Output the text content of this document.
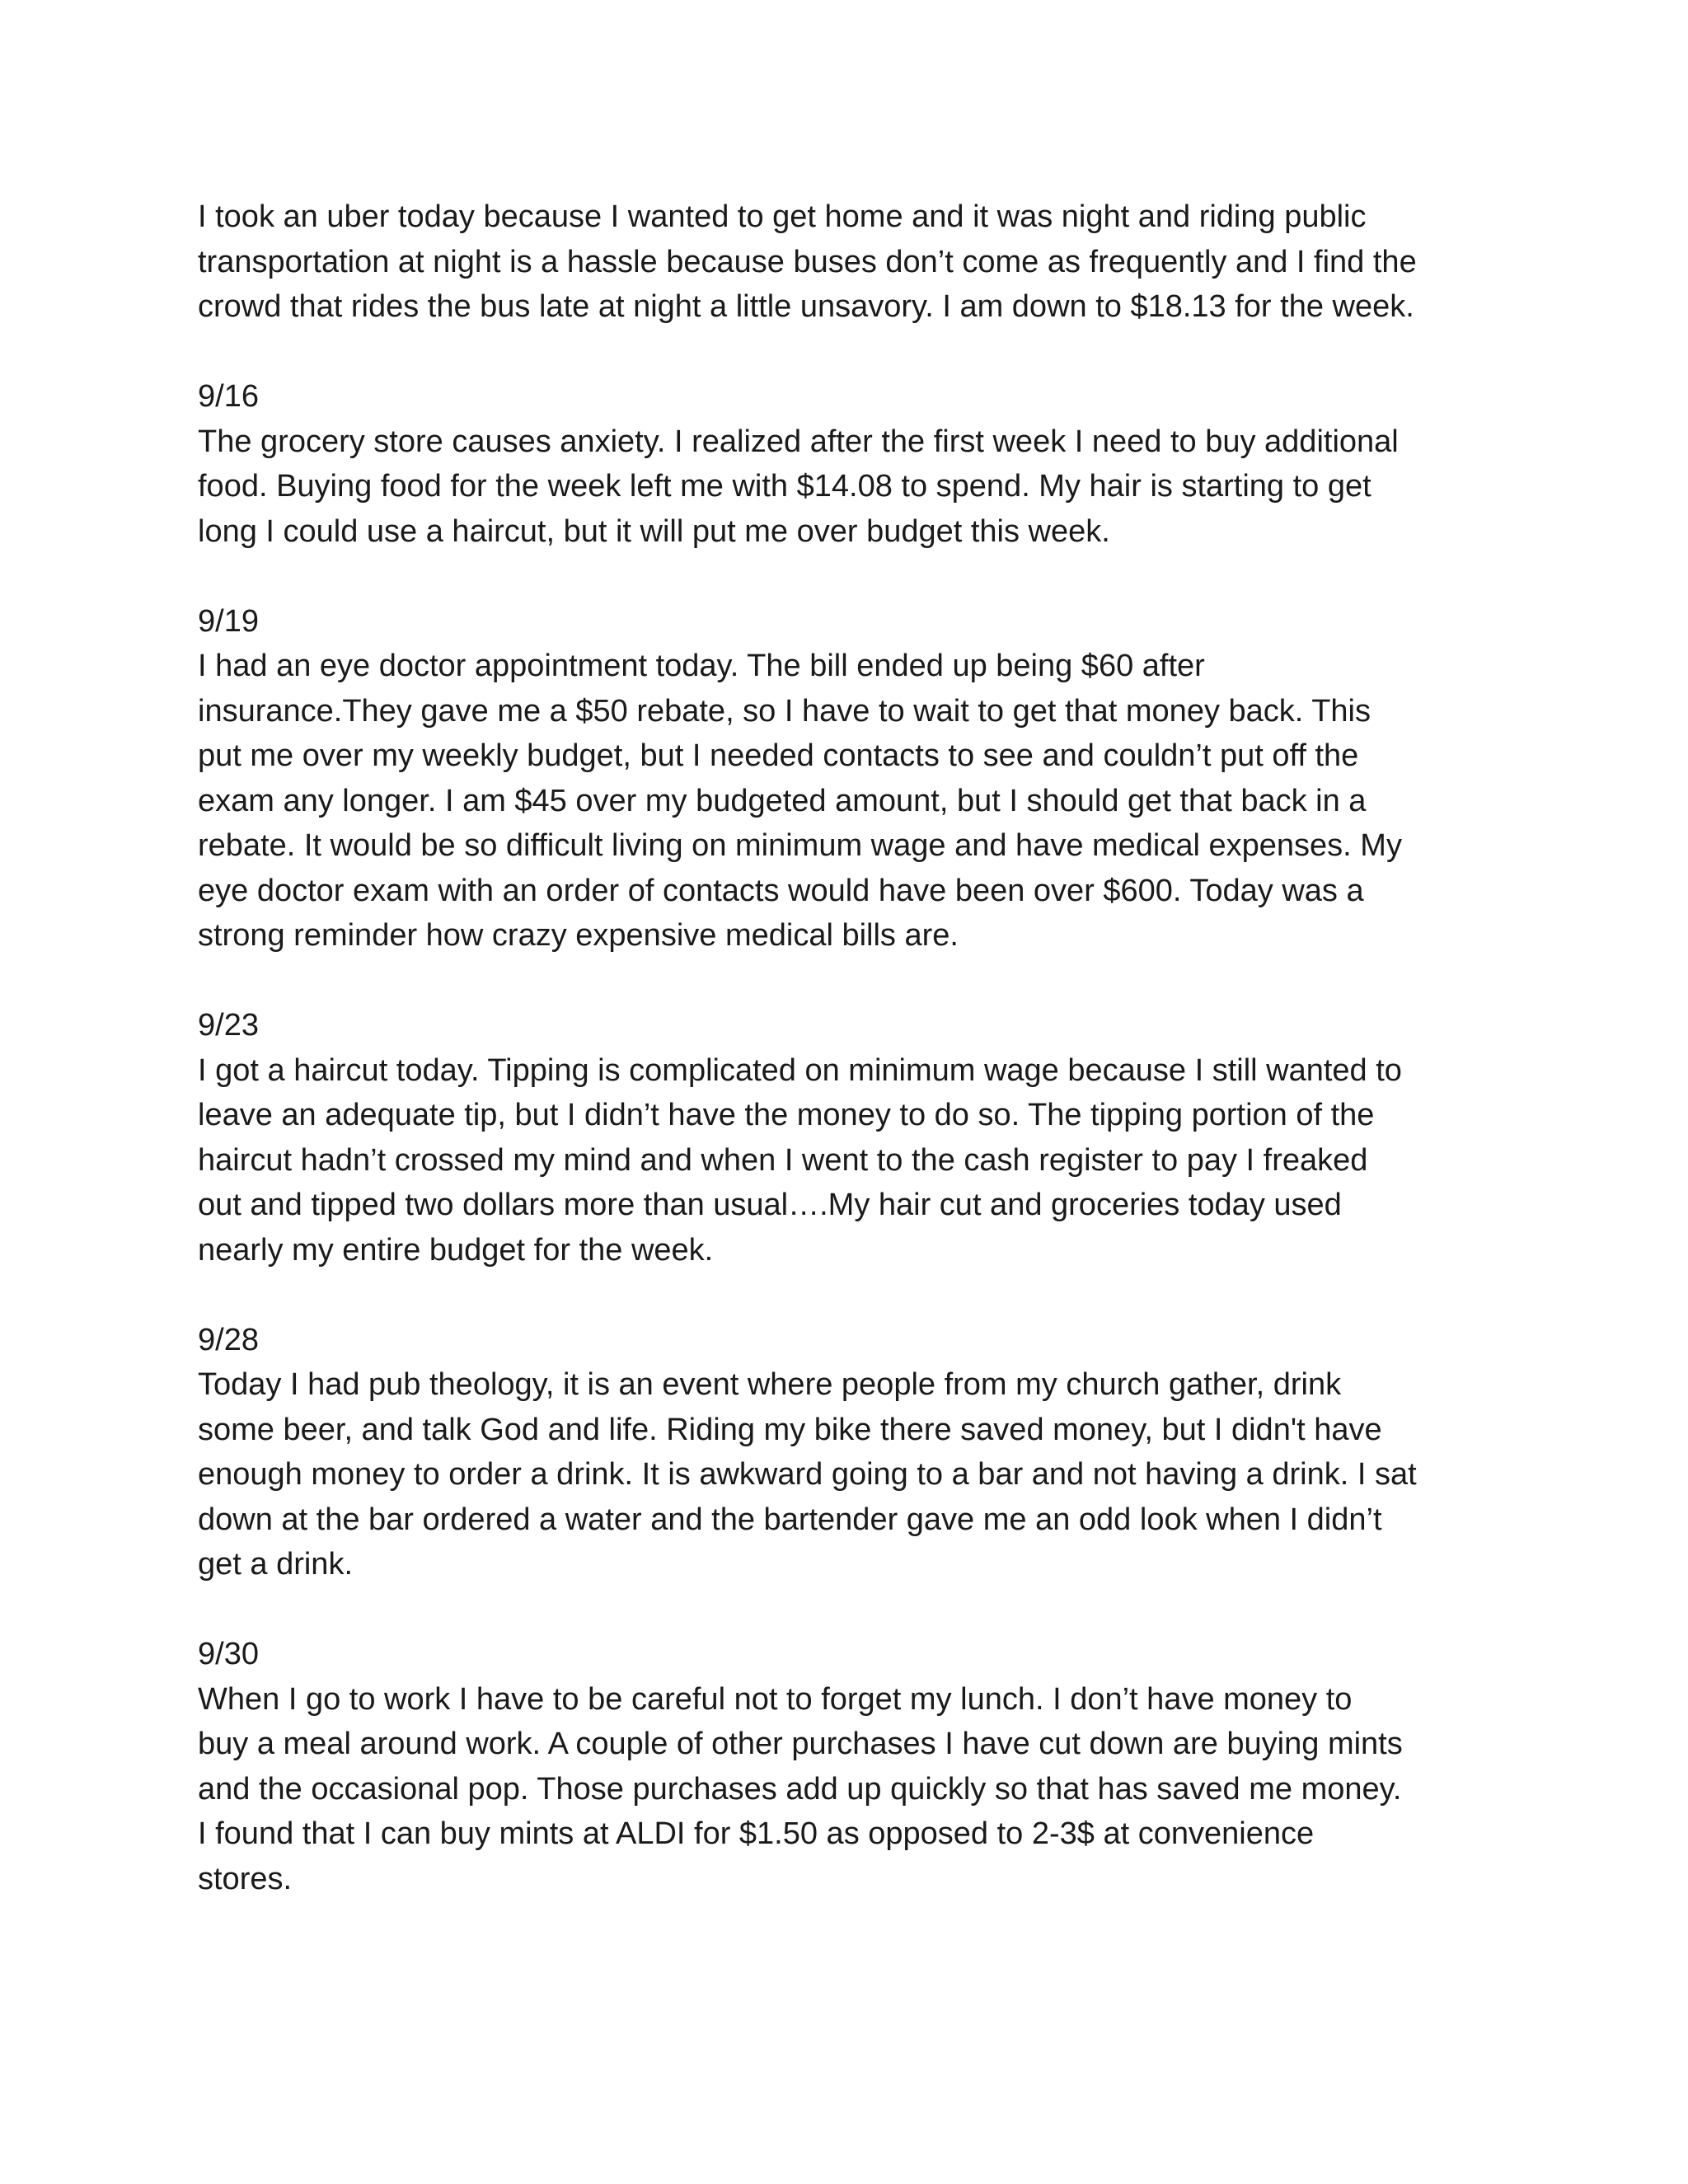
I took an uber today because I wanted to get home and it was night and riding public
transportation at night is a hassle because buses don’t come as frequently and I find the
crowd that rides the bus late at night a little unsavory. I am down to $18.13 for the week.

9/16

The grocery store causes anxiety. I realized after the first week I need to buy additional
food. Buying food for the week left me with $14.08 to spend. My hair is starting to get
long I could use a haircut, but it will put me over budget this week.

9/19

I had an eye doctor appointment today. The bill ended up being $60 after
insurance.They gave me a $50 rebate, so I have to wait to get that money back. This
put me over my weekly budget, but I needed contacts to see and couldn’t put off the
exam any longer. I am $45 over my budgeted amount, but I should get that back in a
rebate. It would be so difficult living on minimum wage and have medical expenses. My
eye doctor exam with an order of contacts would have been over $600. Today was a
strong reminder how crazy expensive medical bills are.

9/23

I got a haircut today. Tipping is complicated on minimum wage because I still wanted to
leave an adequate tip, but I didn’t have the money to do so. The tipping portion of the
haircut hadn’t crossed my mind and when I went to the cash register to pay I freaked
out and tipped two dollars more than usual….My hair cut and groceries today used
nearly my entire budget for the week.

9/28

Today I had pub theology, it is an event where people from my church gather, drink
some beer, and talk God and life. Riding my bike there saved money, but I didn't have
enough money to order a drink. It is awkward going to a bar and not having a drink. I sat
down at the bar ordered a water and the bartender gave me an odd look when I didn’t
get a drink.

9/30

When I go to work I have to be careful not to forget my lunch. I don’t have money to
buy a meal around work. A couple of other purchases I have cut down are buying mints
and the occasional pop. Those purchases add up quickly so that has saved me money.
I found that I can buy mints at ALDI for $1.50 as opposed to 2-3$ at convenience
stores.
